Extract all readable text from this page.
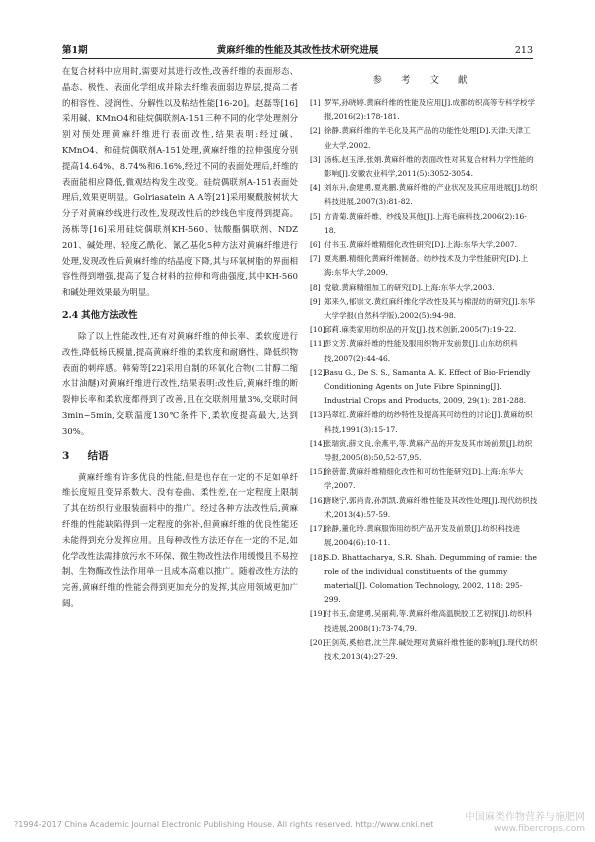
第1期	黄麻纤维的性能及其改性技术研究进展	213

在复合材料中应用时,需要对其进行改性,改善纤维的表面形态、晶态、极性、表面化学组成并除去纤维表面弱边界层,提高二者的相容性、浸润性、分解性以及粘结性能[16-20]。赵磊等[16]采用碱、KMnO4和硅烷偶联剂A-151三种不同的化学处理剂分别对预处理黄麻纤维进行表面改性,结果表明:经过碱、KMnO4、和硅烷偶联剂A-151处理,黄麻纤维的拉伸强度分别提高14.64%、8.74%和6.16%,经过不同的表面处理后,纤维的表面能相应降低,微观结构发生改变。硅烷偶联剂A-151表面处理后,效果更明显。Golriasatein A A等[21]采用聚酰胺树状大分子对黄麻纱线进行改性,发现改性后的纱线色牢度得到提高。汤栋等[16]采用硅烷偶联剂KH-560、钛酸酯偶联剂、NDZ 201、碱处理、轻度乙酰化、氰乙基化5种方法对黄麻纤维进行处理,发现改性后黄麻纤维的结晶度下降,其与环氧树脂的界面相容性得到增强,提高了复合材料的拉伸和弯曲强度,其中KH-560和碱处理效果最为明显。

2.4 其他方法改性

除了以上性能改性,还有对黄麻纤维的伸长率、柔软度进行改性,降低杨氏模量,提高黄麻纤维的柔软度和耐磨性、降低织物表面的刺痒感。韩菊等[22]采用自制的环氧化合物(二甘醇二缩水甘油醚)对黄麻纤维进行改性,结果表明:改性后,黄麻纤维的断裂伸长率和柔软度都得到了改善,且在交联剂用量3%,交联时间3min~5min,交联温度130℃条件下,柔软度提高最大,达到30%。

3 结语

黄麻纤维有许多优良的性能,但是也存在一定的不足如单纤维长度短且变异系数大、没有卷曲、柔性差,在一定程度上限制了其在纺织行业服装面料中的推广。经过各种方法改性后,黄麻纤维的性能缺陷得到一定程度的弥补,但黄麻纤维的优良性能还未能得到充分发挥应用。且每种改性方法还存在一定的不足,如化学改性法需排放污水不环保、微生物改性法作用缓慢且不易控制、生物酶改性法作用单一且成本高难以推广。随着改性方法的完善,黄麻纤维的性能会得到更加充分的发挥,其应用领域更加广阔。

参 考 文 献
[1] 罗军,孙晓婷.黄麻纤维的性能及应用[J].成都纺织高等专科学校学报,2016(2):178-181.
[2] 徐静.黄麻纤维的羊毛化及其产品的功能性处理[D].天津:天津工业大学,2002.
[3] 汤栋,赵玉泽,张娟.黄麻纤维的表面改性对其复合材料力学性能的影响[J].安徽农业科学,2011(5):3052-3054.
[4] 刘东升,俞建勇,夏兆鹏.黄麻纤维的产业状况及其应用进展[J].纺织科技进展,2007(3):81-82.
[5] 方青菊.黄麻纤维、纱线及其他[J].上海毛麻科技,2006(2):16-18.
[6] 付书玉.黄麻纤维精细化改性研究[D].上海:东华大学,2007.
[7] 夏兆鹏.精细化黄麻纤维制备、纺纱技术及力学性能研究[D].上海:东华大学,2009.
[8] 党敏.黄麻精细加工的研究[D].上海:东华大学,2003.
[9] 郑来久,郁崇文.黄红麻纤维化学改性及其与棉混纺的研究[J].东华大学学报(自然科学版),2002(5):94-98.
[10]
邱莉.麻类家用纺织品的开发[J].技术创新,2005(7):19-22.
[11]
彭文芳.黄麻纤维的性能及服用织物开发前景[J].山东纺织科技,2007(2):44-46.
[12]
Basu G., De S. S., Samanta A. K. Effect of Bio-Friendly Conditioning Agents on Jute Fibre Spinning[J]. Industrial Crops and Products, 2009, 29(1): 281-288.
[13]
马翠红.黄麻纤维的纺纱特性及提高其可纺性的讨论[J].黄麻纺织科技,1991(3):15-17.
[14]
张瑞寅,薛文良,余燕平,等.黄麻产品的开发及其市场前景[J].纺织导报,2005(8):50,52-57,95.
[15]
徐蓓蕾.黄麻纤维精细化改性和可纺性能研究[D].上海:东华大学,2007.
[16]
唐晓宁,郭肖青,孙凯凯.黄麻纤维性能及其改性处理[J].现代纺织技术,2013(4):57-59.
[17]
徐静,董化玲.黄麻服饰用纺织产品开发及前景[J].纺织科技进展,2004(6):10-11.
[18]
S.D. Bhattacharya, S.R. Shah. Degumming of ramie: the role of the individual constituents of the gummy material[J]. Colomation Technology, 2002, 118: 295-299.
[19]
付书玉,俞建勇,吴丽莉,等.黄麻纤维高温脱胶工艺初探[J].纺织科技进展,2008(1):73-74,79.
[20]
王剑英,奚柏君,沈兰萍.碱处理对黄麻纤维性能的影响[J].现代纺织技术,2013(4):27-29.
?1994-2017 China Academic Journal Electronic Publishing House. All rights reserved. http://www.cnki.net
中国麻类作物营养与施肥网
www.fibercrops.com
